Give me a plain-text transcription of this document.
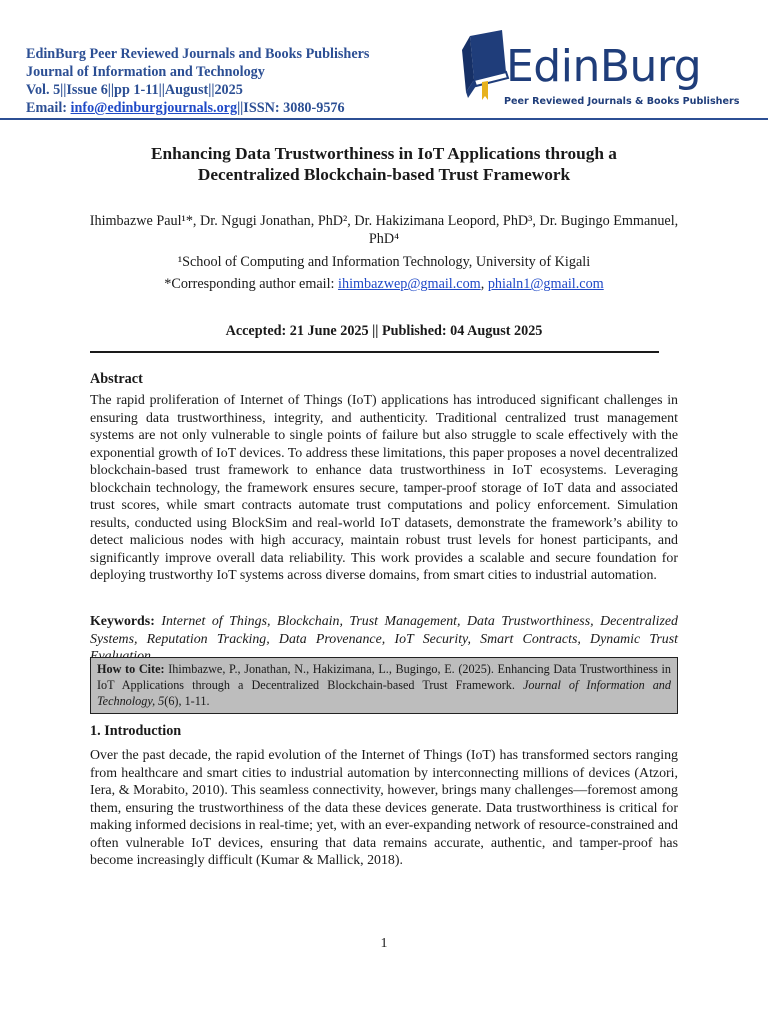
EdinBurg Peer Reviewed Journals and Books Publishers
Journal of Information and Technology
Vol. 5||Issue 6||pp 1-11||August||2025
Email: info@edinburgjournals.org||ISSN: 3080-9576
EdinBurg
Peer Reviewed Journals & Books Publishers
Enhancing Data Trustworthiness in IoT Applications through a
Decentralized Blockchain-based Trust Framework
Ihimbazwe Paul¹*, Dr. Ngugi Jonathan, PhD², Dr. Hakizimana Leopord, PhD³, Dr. Bugingo Emmanuel, PhD⁴
¹School of Computing and Information Technology, University of Kigali
*Corresponding author email: ihimbazwep@gmail.com, phialn1@gmail.com
Accepted: 21 June 2025 || Published: 04 August 2025
Abstract
The rapid proliferation of Internet of Things (IoT) applications has introduced significant challenges in ensuring data trustworthiness, integrity, and authenticity. Traditional centralized trust management systems are not only vulnerable to single points of failure but also struggle to scale effectively with the exponential growth of IoT devices. To address these limitations, this paper proposes a novel decentralized blockchain-based trust framework to enhance data trustworthiness in IoT ecosystems. Leveraging blockchain technology, the framework ensures secure, tamper-proof storage of IoT data and associated trust scores, while smart contracts automate trust computations and policy enforcement. Simulation results, conducted using BlockSim and real-world IoT datasets, demonstrate the framework’s ability to detect malicious nodes with high accuracy, maintain robust trust levels for honest participants, and significantly improve overall data reliability. This work provides a scalable and secure foundation for deploying trustworthy IoT systems across diverse domains, from smart cities to industrial automation.
Keywords: Internet of Things, Blockchain, Trust Management, Data Trustworthiness, Decentralized Systems, Reputation Tracking, Data Provenance, IoT Security, Smart Contracts, Dynamic Trust
How to Cite: Ihimbazwe, P., Jonathan, N., Hakizimana, L., Bugingo, E. (2025). Enhancing Data Trustworthiness in IoT Applications through a Decentralized Blockchain-based Trust Framework. Journal of Information and Technology, 5(6), 1-11.
1. Introduction
Over the past decade, the rapid evolution of the Internet of Things (IoT) has transformed sectors ranging from healthcare and smart cities to industrial automation by interconnecting millions of devices (Atzori, Iera, & Morabito, 2010). This seamless connectivity, however, brings many challenges—foremost among them, ensuring the trustworthiness of the data these devices generate. Data trustworthiness is critical for making informed decisions in real-time; yet, with an ever-expanding network of resource-constrained and often vulnerable IoT devices, ensuring that data remains accurate, authentic, and tamper-proof has become increasingly difficult (Kumar & Mallick, 2018).
1
